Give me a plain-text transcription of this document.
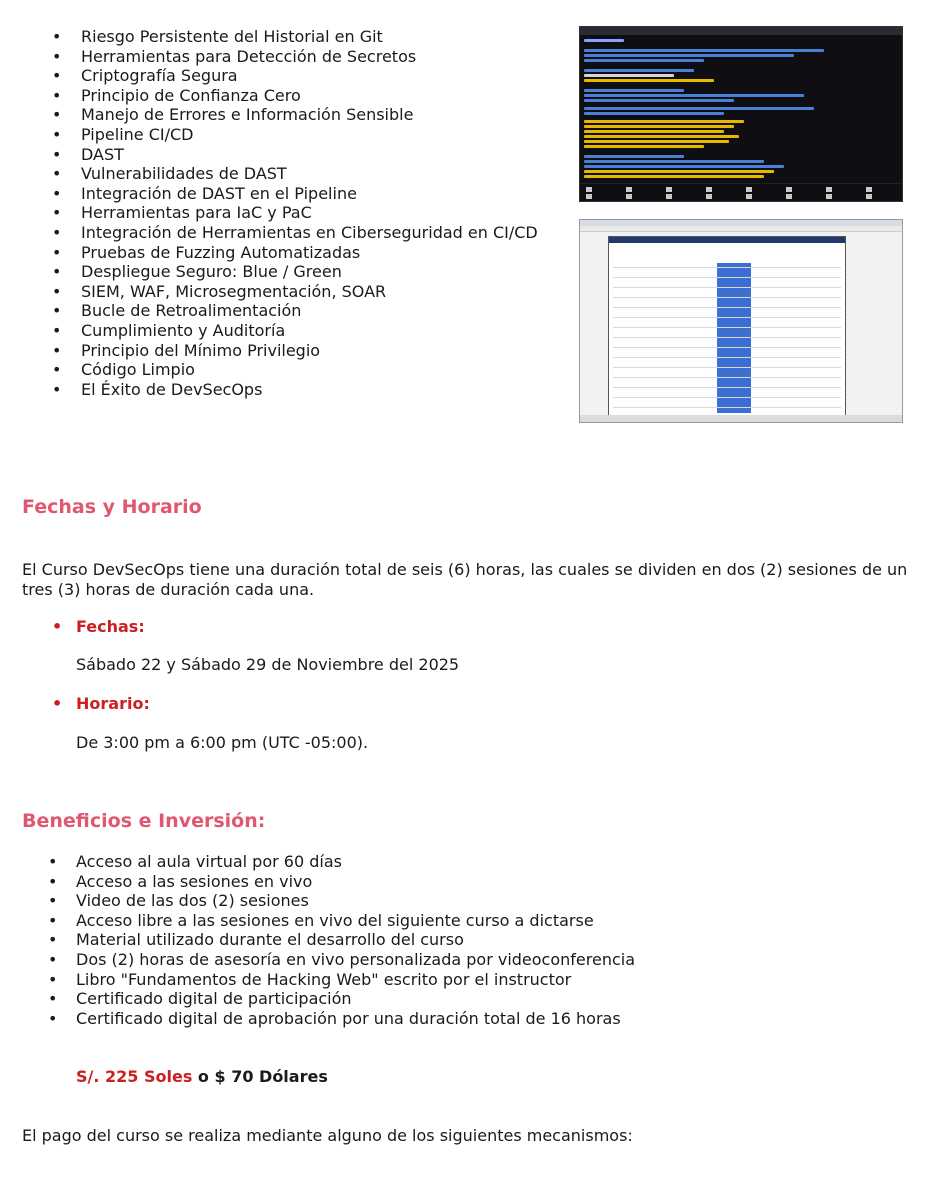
• Riesgo Persistente del Historial en Git
• Herramientas para Detección de Secretos
• Criptografía Segura
• Principio de Confianza Cero
• Manejo de Errores e Información Sensible
• Pipeline CI/CD
• DAST
• Vulnerabilidades de DAST
• Integración de DAST en el Pipeline
• Herramientas para IaC y PaC
• Integración de Herramientas en Ciberseguridad en CI/CD
• Pruebas de Fuzzing Automatizadas
• Despliegue Seguro: Blue / Green
• SIEM, WAF, Microsegmentación, SOAR
• Bucle de Retroalimentación
• Cumplimiento y Auditoría
• Principio del Mínimo Privilegio
• Código Limpio
• El Éxito de DevSecOps
Fechas y Horario
El Curso DevSecOps tiene una duración total de seis (6) horas, las cuales se dividen en dos (2) sesiones de un tres (3) horas de duración cada una.
• Fechas:
Sábado 22 y Sábado 29 de Noviembre del 2025
• Horario:
De 3:00 pm a 6:00 pm (UTC -05:00).
Beneficios e Inversión:
• Acceso al aula virtual por 60 días
• Acceso a las sesiones en vivo
• Video de las dos (2) sesiones
• Acceso libre a las sesiones en vivo del siguiente curso a dictarse
• Material utilizado durante el desarrollo del curso
• Dos (2) horas de asesoría en vivo personalizada por videoconferencia
• Libro "Fundamentos de Hacking Web" escrito por el instructor
• Certificado digital de participación
• Certificado digital de aprobación por una duración total de 16 horas
S/. 225 Soles o $ 70 Dólares
El pago del curso se realiza mediante alguno de los siguientes mecanismos:
